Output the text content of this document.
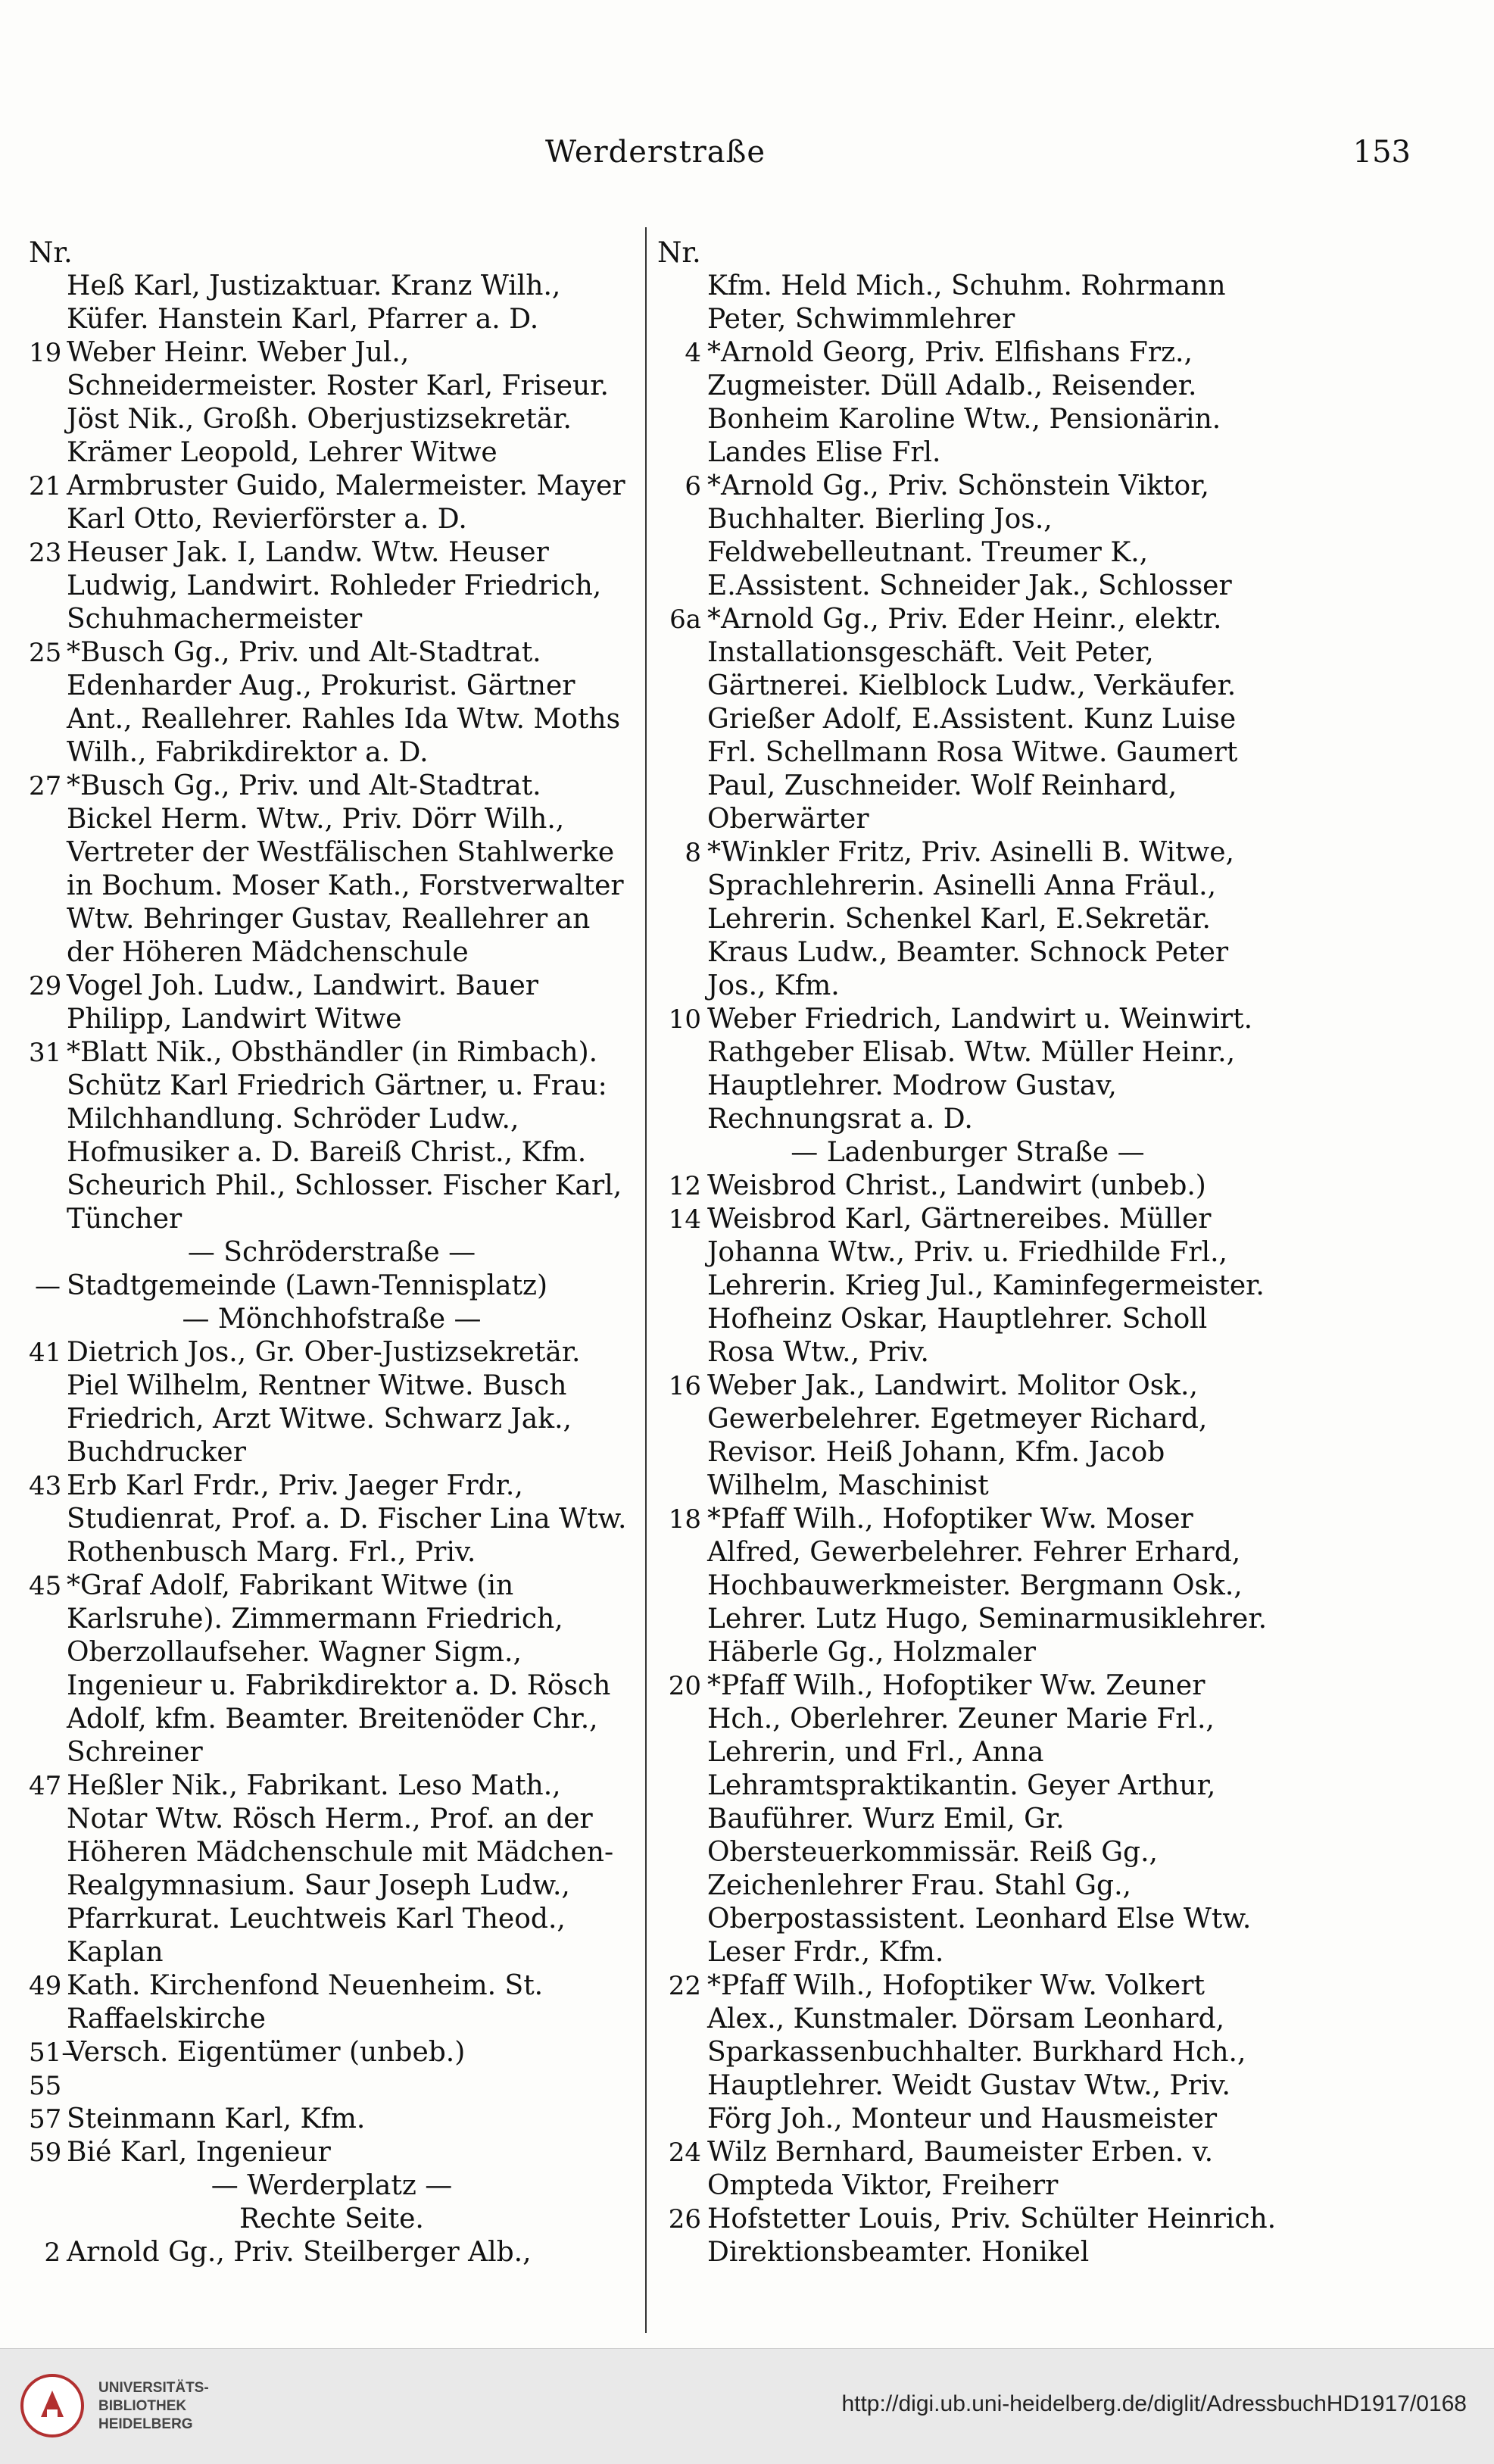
Werderstraße	153
Nr.
Heß Karl, Justizaktuar. Kranz Wilh., Küfer. Hanstein Karl, Pfarrer a. D.
19 Weber Heinr. Weber Jul., Schneidermeister. Roster Karl, Friseur. Jöst Nik., Großh. Oberjustizsekretär. Krämer Leopold, Lehrer Witwe
21 Armbruster Guido, Malermeister. Mayer Karl Otto, Revierförster a. D.
23 Heuser Jak. I, Landw. Wtw. Heuser Ludwig, Landwirt. Rohleder Friedrich, Schuhmachermeister
25 *Busch Gg., Priv. und Alt-Stadtrat. Edenharder Aug., Prokurist. Gärtner Ant., Reallehrer. Rahles Ida Wtw. Moths Wilh., Fabrikdirektor a. D.
27 *Busch Gg., Priv. und Alt-Stadtrat. Bickel Herm. Wtw., Priv. Dörr Wilh., Vertreter der Westfälischen Stahlwerke in Bochum. Moser Kath., Forstverwalter Wtw. Behringer Gustav, Reallehrer an der Höheren Mädchenschule
29 Vogel Joh. Ludw., Landwirt. Bauer Philipp, Landwirt Witwe
31 *Blatt Nik., Obsthändler (in Rimbach). Schütz Karl Friedrich Gärtner, u. Frau: Milchhandlung. Schröder Ludw., Hofmusiker a. D. Bareiß Christ., Kfm. Scheurich Phil., Schlosser. Fischer Karl, Tüncher
— Schröderstraße —
— Stadtgemeinde (Lawn-Tennisplatz)
— Mönchhofstraße —
41 Dietrich Jos., Gr. Ober-Justizsekretär. Piel Wilhelm, Rentner Witwe. Busch Friedrich, Arzt Witwe. Schwarz Jak., Buchdrucker
43 Erb Karl Frdr., Priv. Jaeger Frdr., Studienrat, Prof. a. D. Fischer Lina Wtw. Rothenbusch Marg. Frl., Priv.
45 *Graf Adolf, Fabrikant Witwe (in Karlsruhe). Zimmermann Friedrich, Oberzollaufseher. Wagner Sigm., Ingenieur u. Fabrikdirektor a. D. Rösch Adolf, kfm. Beamter. Breitenöder Chr., Schreiner
47 Heßler Nik., Fabrikant. Leso Math., Notar Wtw. Rösch Herm., Prof. an der Höheren Mädchenschule mit Mädchen-Realgymnasium. Saur Joseph Ludw., Pfarrkurat. Leuchtweis Karl Theod., Kaplan
49 Kath. Kirchenfond Neuenheim. St. Raffaelskirche
51–55
Versch. Eigentümer (unbeb.)
57 Steinmann Karl, Kfm.
59 Bié Karl, Ingenieur
— Werderplatz —
Rechte Seite.
2 Arnold Gg., Priv. Steilberger Alb.,
Nr.
Kfm. Held Mich., Schuhm. Rohrmann Peter, Schwimmlehrer
4 *Arnold Georg, Priv. Elfishans Frz., Zugmeister. Düll Adalb., Reisender. Bonheim Karoline Wtw., Pensionärin. Landes Elise Frl.
6 *Arnold Gg., Priv. Schönstein Viktor, Buchhalter. Bierling Jos., Feldwebelleutnant. Treumer K., E.Assistent. Schneider Jak., Schlosser
6a *Arnold Gg., Priv. Eder Heinr., elektr. Installationsgeschäft. Veit Peter, Gärtnerei. Kielblock Ludw., Verkäufer. Grießer Adolf, E.Assistent. Kunz Luise Frl. Schellmann Rosa Witwe. Gaumert Paul, Zuschneider. Wolf Reinhard, Oberwärter
8 *Winkler Fritz, Priv. Asinelli B. Witwe, Sprachlehrerin. Asinelli Anna Fräul., Lehrerin. Schenkel Karl, E.Sekretär. Kraus Ludw., Beamter. Schnock Peter Jos., Kfm.
10 Weber Friedrich, Landwirt u. Weinwirt. Rathgeber Elisab. Wtw. Müller Heinr., Hauptlehrer. Modrow Gustav, Rechnungsrat a. D.
— Ladenburger Straße —
12 Weisbrod Christ., Landwirt (unbeb.)
14 Weisbrod Karl, Gärtnereibes. Müller Johanna Wtw., Priv. u. Friedhilde Frl., Lehrerin. Krieg Jul., Kaminfegermeister. Hofheinz Oskar, Hauptlehrer. Scholl Rosa Wtw., Priv.
16 Weber Jak., Landwirt. Molitor Osk., Gewerbelehrer. Egetmeyer Richard, Revisor. Heiß Johann, Kfm. Jacob Wilhelm, Maschinist
18 *Pfaff Wilh., Hofoptiker Ww. Moser Alfred, Gewerbelehrer. Fehrer Erhard, Hochbauwerkmeister. Bergmann Osk., Lehrer. Lutz Hugo, Seminarmusiklehrer. Häberle Gg., Holzmaler
20 *Pfaff Wilh., Hofoptiker Ww. Zeuner Hch., Oberlehrer. Zeuner Marie Frl., Lehrerin, und Frl., Anna Lehramtspraktikantin. Geyer Arthur, Bauführer. Wurz Emil, Gr. Obersteuerkommissär. Reiß Gg., Zeichenlehrer Frau. Stahl Gg., Oberpostassistent. Leonhard Else Wtw. Leser Frdr., Kfm.
22 *Pfaff Wilh., Hofoptiker Ww. Volkert Alex., Kunstmaler. Dörsam Leonhard, Sparkassenbuchhalter. Burkhard Hch., Hauptlehrer. Weidt Gustav Wtw., Priv. Förg Joh., Monteur und Hausmeister
24 Wilz Bernhard, Baumeister Erben. v. Ompteda Viktor, Freiherr
26 Hofstetter Louis, Priv. Schülter Heinrich. Direktionsbeamter. Honikel
UNIVERSITÄTS-
BIBLIOTHEK
HEIDELBERG
http://digi.ub.uni-heidelberg.de/diglit/AdressbuchHD1917/0168
